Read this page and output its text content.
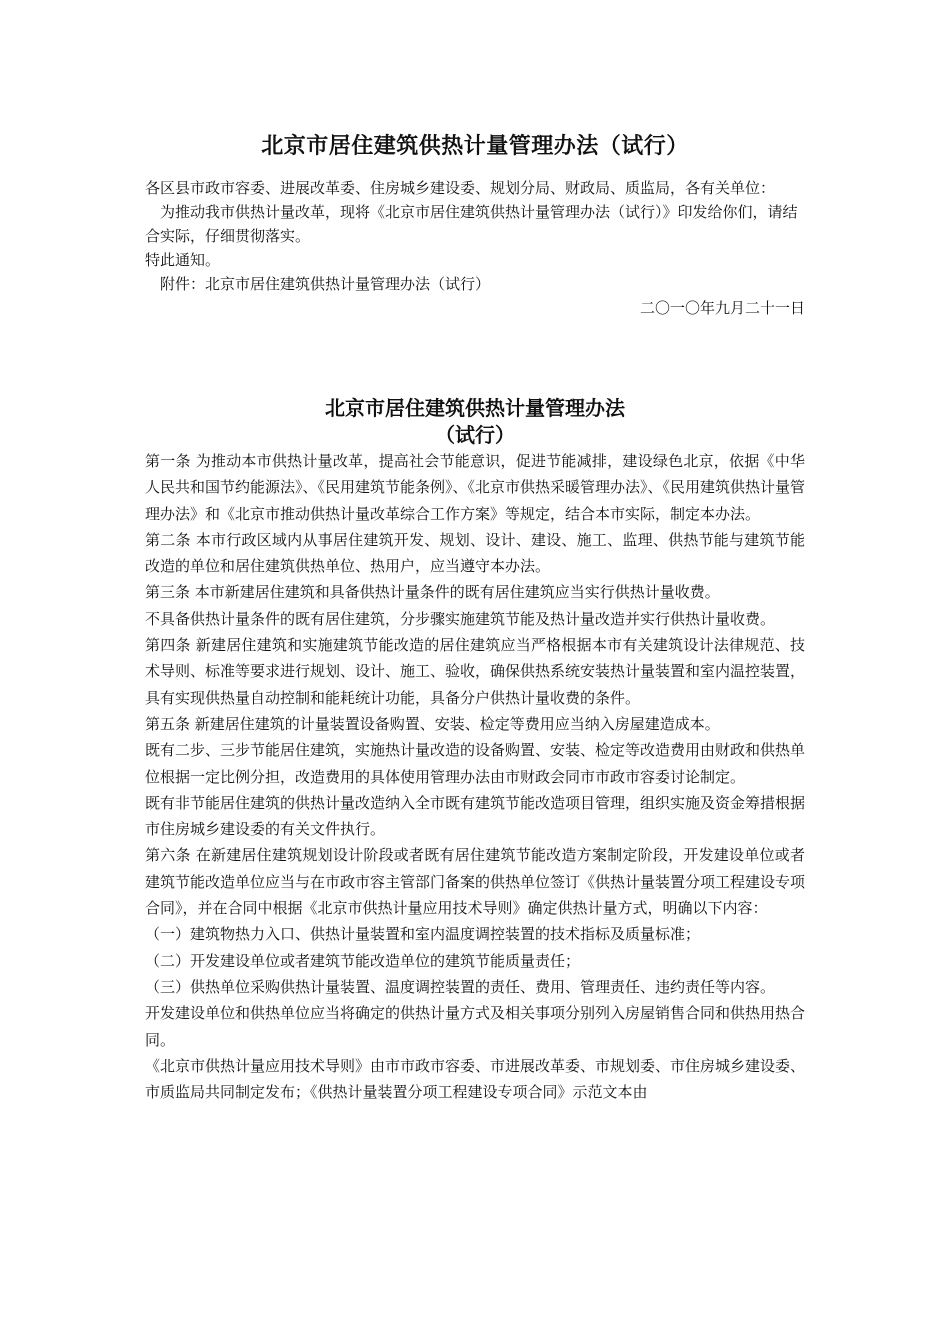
北京市居住建筑供热计量管理办法（试行）

各区县市政市容委、进展改革委、住房城乡建设委、规划分局、财政局、质监局，各有关单位：

为推动我市供热计量改革，现将《北京市居住建筑供热计量管理办法（试行）》印发给你们，请结合实际，仔细贯彻落实。

特此通知。

附件：北京市居住建筑供热计量管理办法（试行）

二〇一〇年九月二十一日

北京市居住建筑供热计量管理办法
（试行）

第一条 为推动本市供热计量改革，提高社会节能意识，促进节能减排，建设绿色北京，依据《中华人民共和国节约能源法》、《民用建筑节能条例》、《北京市供热采暖管理办法》、《民用建筑供热计量管理办法》和《北京市推动供热计量改革综合工作方案》等规定，结合本市实际，制定本办法。

第二条 本市行政区域内从事居住建筑开发、规划、设计、建设、施工、监理、供热节能与建筑节能改造的单位和居住建筑供热单位、热用户，应当遵守本办法。

第三条 本市新建居住建筑和具备供热计量条件的既有居住建筑应当实行供热计量收费。

不具备供热计量条件的既有居住建筑，分步骤实施建筑节能及热计量改造并实行供热计量收费。

第四条 新建居住建筑和实施建筑节能改造的居住建筑应当严格根据本市有关建筑设计法律规范、技术导则、标准等要求进行规划、设计、施工、验收，确保供热系统安装热计量装置和室内温控装置，具有实现供热量自动控制和能耗统计功能，具备分户供热计量收费的条件。

第五条 新建居住建筑的计量装置设备购置、安装、检定等费用应当纳入房屋建造成本。

既有二步、三步节能居住建筑，实施热计量改造的设备购置、安装、检定等改造费用由财政和供热单位根据一定比例分担，改造费用的具体使用管理办法由市财政会同市市政市容委讨论制定。

既有非节能居住建筑的供热计量改造纳入全市既有建筑节能改造项目管理，组织实施及资金筹措根据市住房城乡建设委的有关文件执行。

第六条 在新建居住建筑规划设计阶段或者既有居住建筑节能改造方案制定阶段，开发建设单位或者建筑节能改造单位应当与在市政市容主管部门备案的供热单位签订《供热计量装置分项工程建设专项合同》，并在合同中根据《北京市供热计量应用技术导则》确定供热计量方式，明确以下内容：

（一）建筑物热力入口、供热计量装置和室内温度调控装置的技术指标及质量标准；

（二）开发建设单位或者建筑节能改造单位的建筑节能质量责任；

（三）供热单位采购供热计量装置、温度调控装置的责任、费用、管理责任、违约责任等内容。

开发建设单位和供热单位应当将确定的供热计量方式及相关事项分别列入房屋销售合同和供热用热合同。

《北京市供热计量应用技术导则》由市市政市容委、市进展改革委、市规划委、市住房城乡建设委、市质监局共同制定发布；《供热计量装置分项工程建设专项合同》示范文本由
